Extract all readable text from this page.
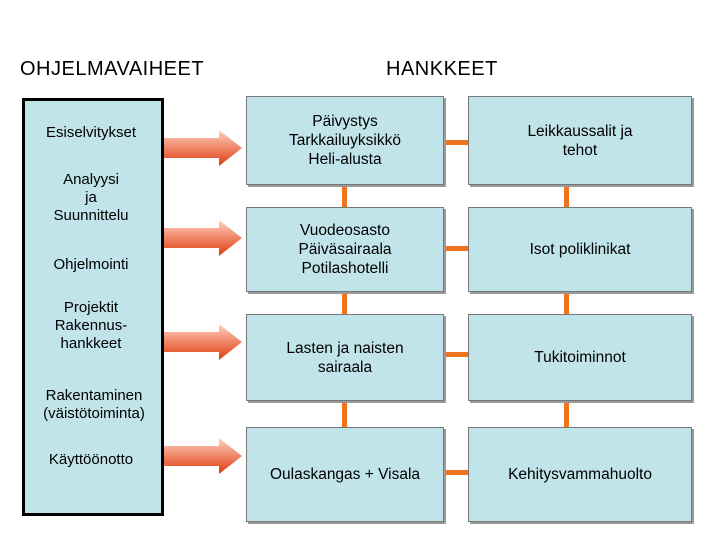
OHJELMAVAIHEET	HANKKEET
Esiselvitykset
Analyysi
ja
Suunnittelu
Ohjelmointi
Projektit
Rakennus-
hankkeet
Rakentaminen
(väistötoiminta)
Käyttöönotto
Päivystys
Tarkkailuyksikkö
Heli-alusta
Leikkaussalit ja
tehot
Vuodeosasto
Päiväsairaala
Potilashotelli
Isot poliklinikat
Lasten ja naisten
sairaala
Tukitoiminnot
Oulaskangas + Visala	Kehitysvammahuolto
